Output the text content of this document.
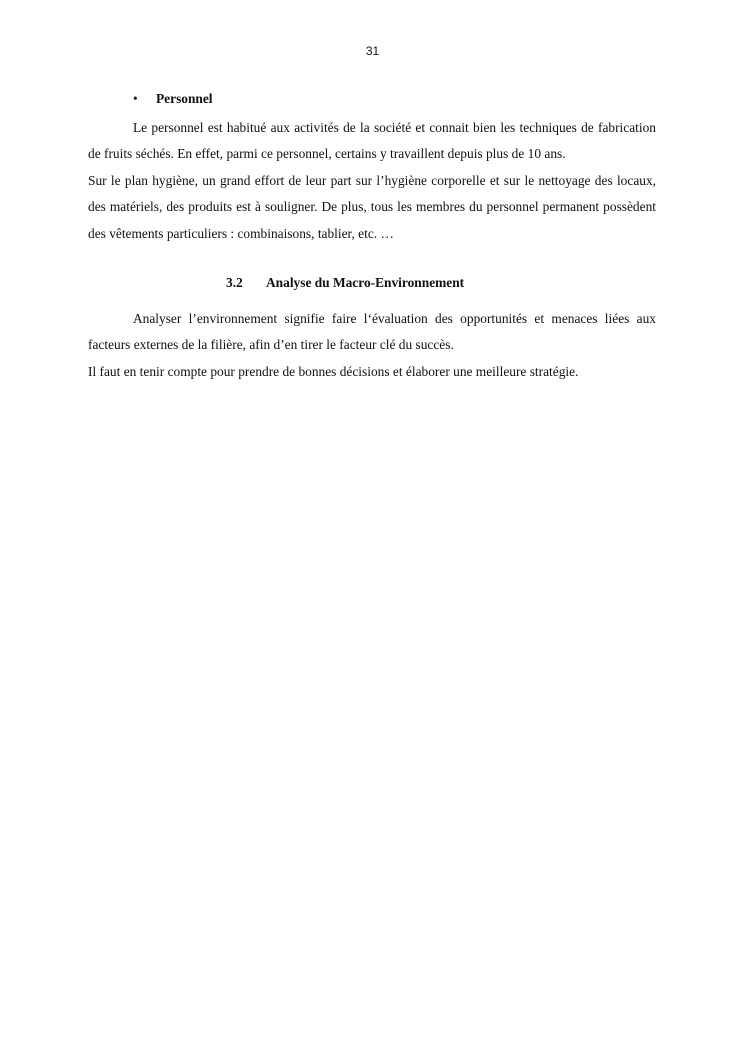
31
• Personnel

Le personnel est habitué aux activités de la société et connait bien les techniques de fabrication de fruits séchés. En effet, parmi ce personnel, certains y travaillent depuis plus de 10 ans.

Sur le plan hygiène, un grand effort de leur part sur l’hygiène corporelle et sur le nettoyage des locaux, des matériels, des produits est à souligner. De plus, tous les membres du personnel permanent possèdent des vêtements particuliers : combinaisons, tablier, etc. …

3.2 Analyse du Macro-Environnement

Analyser l’environnement signifie faire l‘évaluation des opportunités et menaces liées aux facteurs externes de la filière, afin d’en tirer le facteur clé du succès.

Il faut en tenir compte pour prendre de bonnes décisions et élaborer une meilleure stratégie.
